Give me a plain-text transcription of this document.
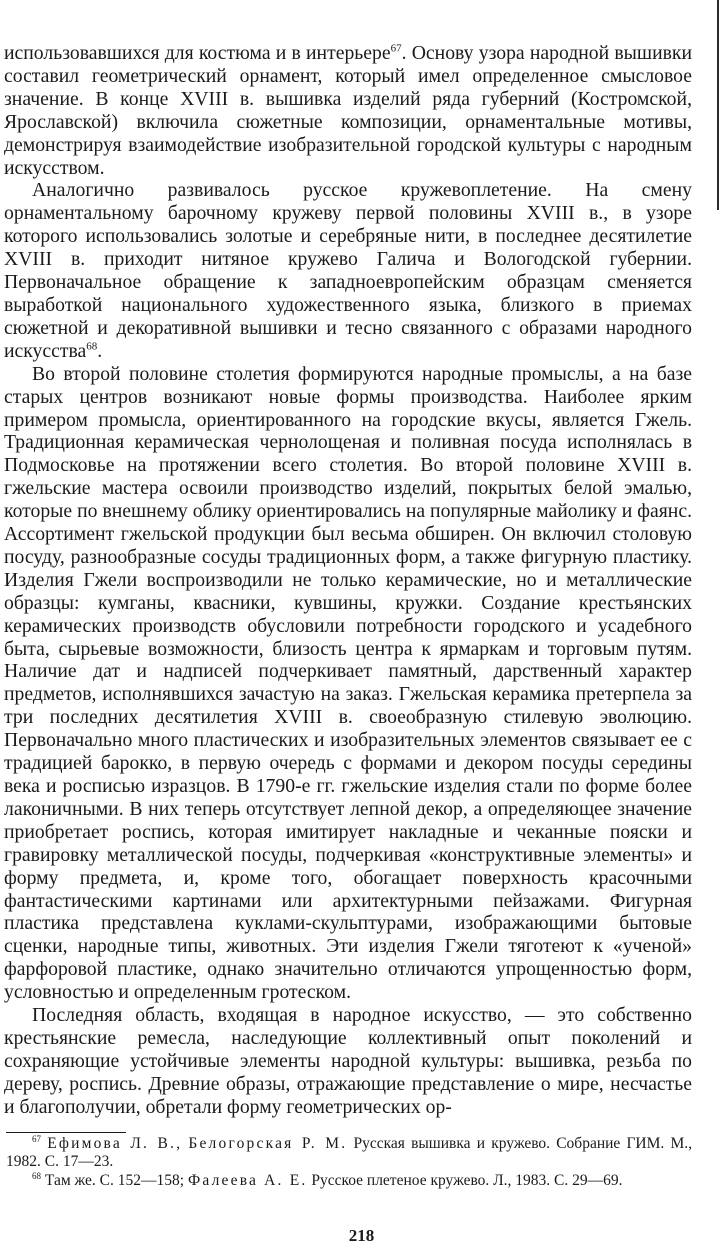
использовавшихся для костюма и в интерьере$^{67}$. Основу узора народной вышивки составил геометрический орнамент, который имел определенное смысловое значение. В конце XVIII в. вышивка изделий ряда губерний (Костромской, Ярославской) включила сюжетные композиции, орнаментальные мотивы, демонстрируя взаимодействие изобразительной городской культуры с народным искусством.

Аналогично развивалось русское кружевоплетение. На смену орнаментальному барочному кружеву первой половины XVIII в., в узоре которого использовались золотые и серебряные нити, в последнее десятилетие XVIII в. приходит нитяное кружево Галича и Вологодской губернии. Первоначальное обращение к западноевропейским образцам сменяется выработкой национального художественного языка, близкого в приемах сюжетной и декоративной вышивки и тесно связанного с образами народного искусства$^{68}$.

Во второй половине столетия формируются народные промыслы, а на базе старых центров возникают новые формы производства. Наиболее ярким примером промысла, ориентированного на городские вкусы, является Гжель. Традиционная керамическая чернолощеная и поливная посуда исполнялась в Подмосковье на протяжении всего столетия. Во второй половине XVIII в. гжельские мастера освоили производство изделий, покрытых белой эмалью, которые по внешнему облику ориентировались на популярные майолику и фаянс. Ассортимент гжельской продукции был весьма обширен. Он включил столовую посуду, разнообразные сосуды традиционных форм, а также фигурную пластику. Изделия Гжели воспроизводили не только керамические, но и металлические образцы: кумганы, квасники, кувшины, кружки. Создание крестьянских керамических производств обусловили потребности городского и усадебного быта, сырьевые возможности, близость центра к ярмаркам и торговым путям. Наличие дат и надписей подчеркивает памятный, дарственный характер предметов, исполнявшихся зачастую на заказ. Гжельская керамика претерпела за три последних десятилетия XVIII в. своеобразную стилевую эволюцию. Первоначально много пластических и изобразительных элементов связывает ее с традицией барокко, в первую очередь с формами и декором посуды середины века и росписью изразцов. В 1790-е гг. гжельские изделия стали по форме более лаконичными. В них теперь отсутствует лепной декор, а определяющее значение приобретает роспись, которая имитирует накладные и чеканные пояски и гравировку металлической посуды, подчеркивая «конструктивные элементы» и форму предмета, и, кроме того, обогащает поверхность красочными фантастическими картинами или архитектурными пейзажами. Фигурная пластика представлена куклами-скульптурами, изображающими бытовые сценки, народные типы, животных. Эти изделия Гжели тяготеют к «ученой» фарфоровой пластике, однако значительно отличаются упрощенностью форм, условностью и определенным гротеском.

Последняя область, входящая в народное искусство, — это собственно крестьянские ремесла, наследующие коллективный опыт поколений и сохраняющие устойчивые элементы народной культуры: вышивка, резьба по дереву, роспись. Древние образы, отражающие представление о мире, несчастье и благополучии, обретали форму геометрических ор-

$^{67}$ Ефимова Л. В., Белогорская Р. М. Русская вышивка и кружево. Собрание ГИМ. М., 1982. С. 17—23.

$^{68}$ Там же. С. 152—158; Фалеева А. Е. Русское плетеное кружево. Л., 1983. С. 29—69.

218
